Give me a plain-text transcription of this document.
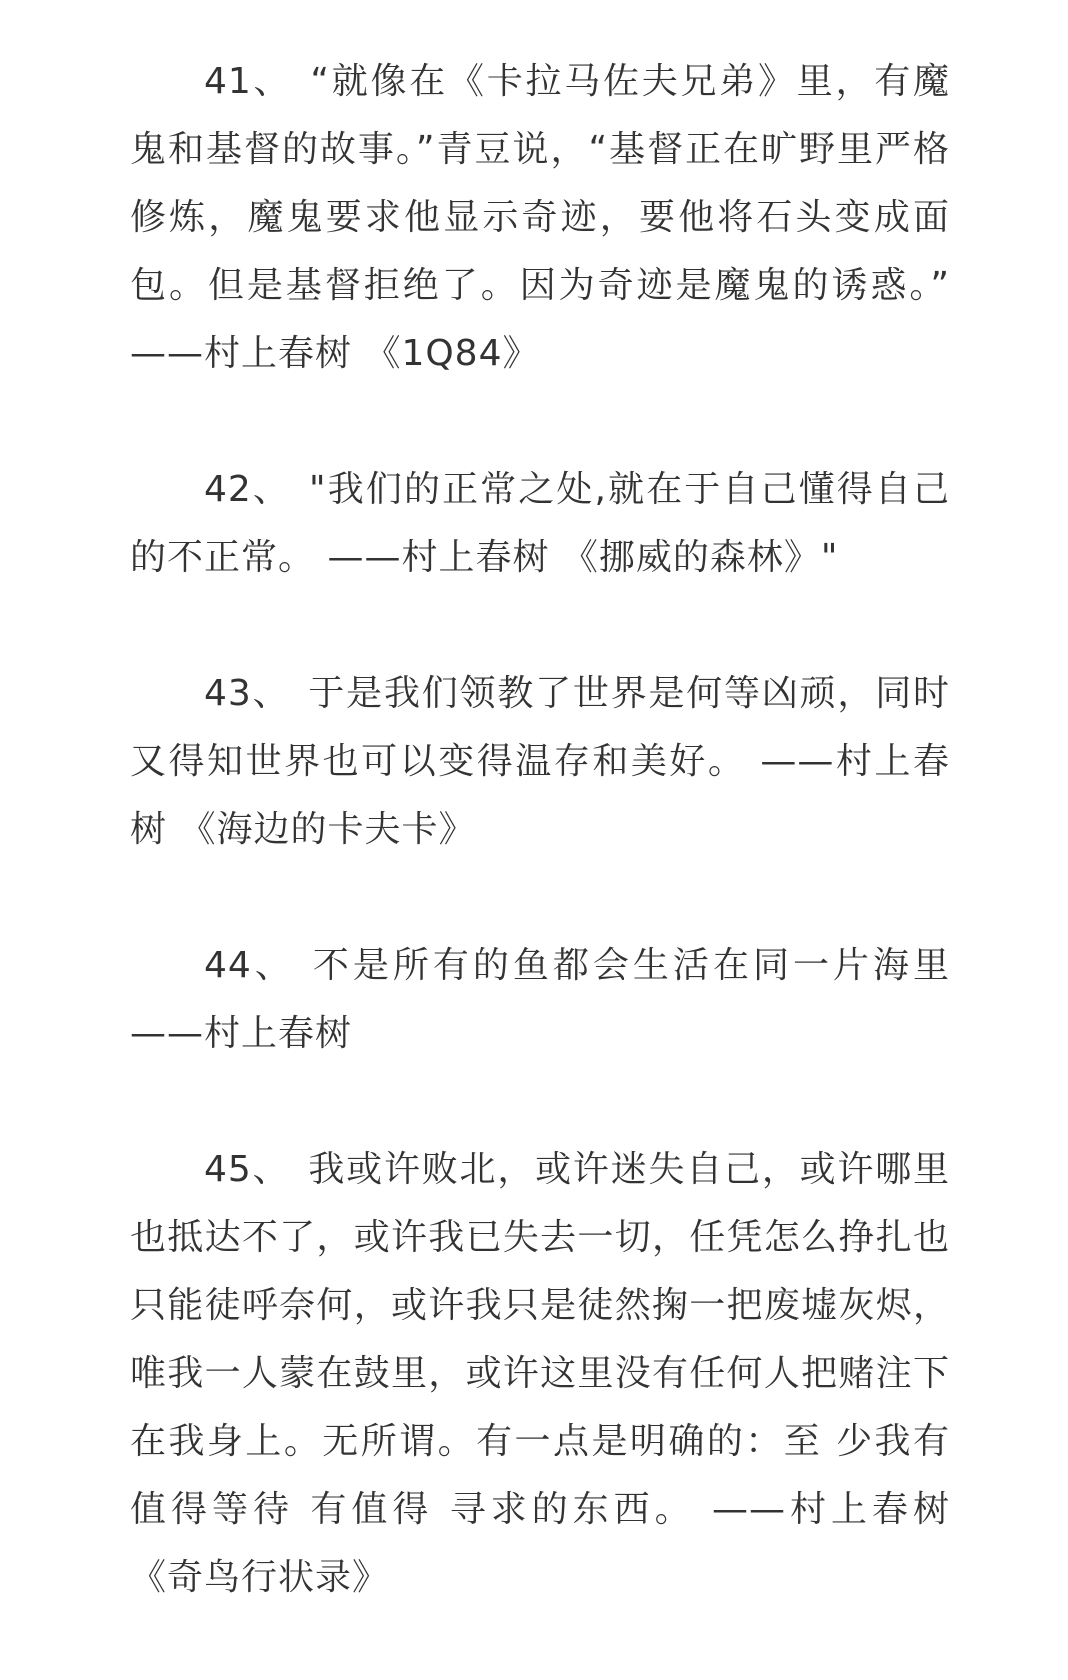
41、 “就像在《卡拉马佐夫兄弟》里，有魔鬼和基督的故事。”青豆说，“基督正在旷野里严格修炼，魔鬼要求他显示奇迹，要他将石头变成面包。但是基督拒绝了。因为奇迹是魔鬼的诱惑。” ——村上春树 《1Q84》

42、 "我们的正常之处,就在于自己懂得自己的不正常。 ——村上春树 《挪威的森林》"

43、 于是我们领教了世界是何等凶顽，同时又得知世界也可以变得温存和美好。 ——村上春树 《海边的卡夫卡》

44、 不是所有的鱼都会生活在同一片海里 ——村上春树

45、 我或许败北，或许迷失自己，或许哪里也抵达不了，或许我已失去一切，任凭怎么挣扎也只能徒呼奈何，或许我只是徒然掬一把废墟灰烬，唯我一人蒙在鼓里，或许这里没有任何人把赌注下在我身上。无所谓。有一点是明确的：至 少我有值得等待 有值得 寻求的东西。 ——村上春树 《奇鸟行状录》
